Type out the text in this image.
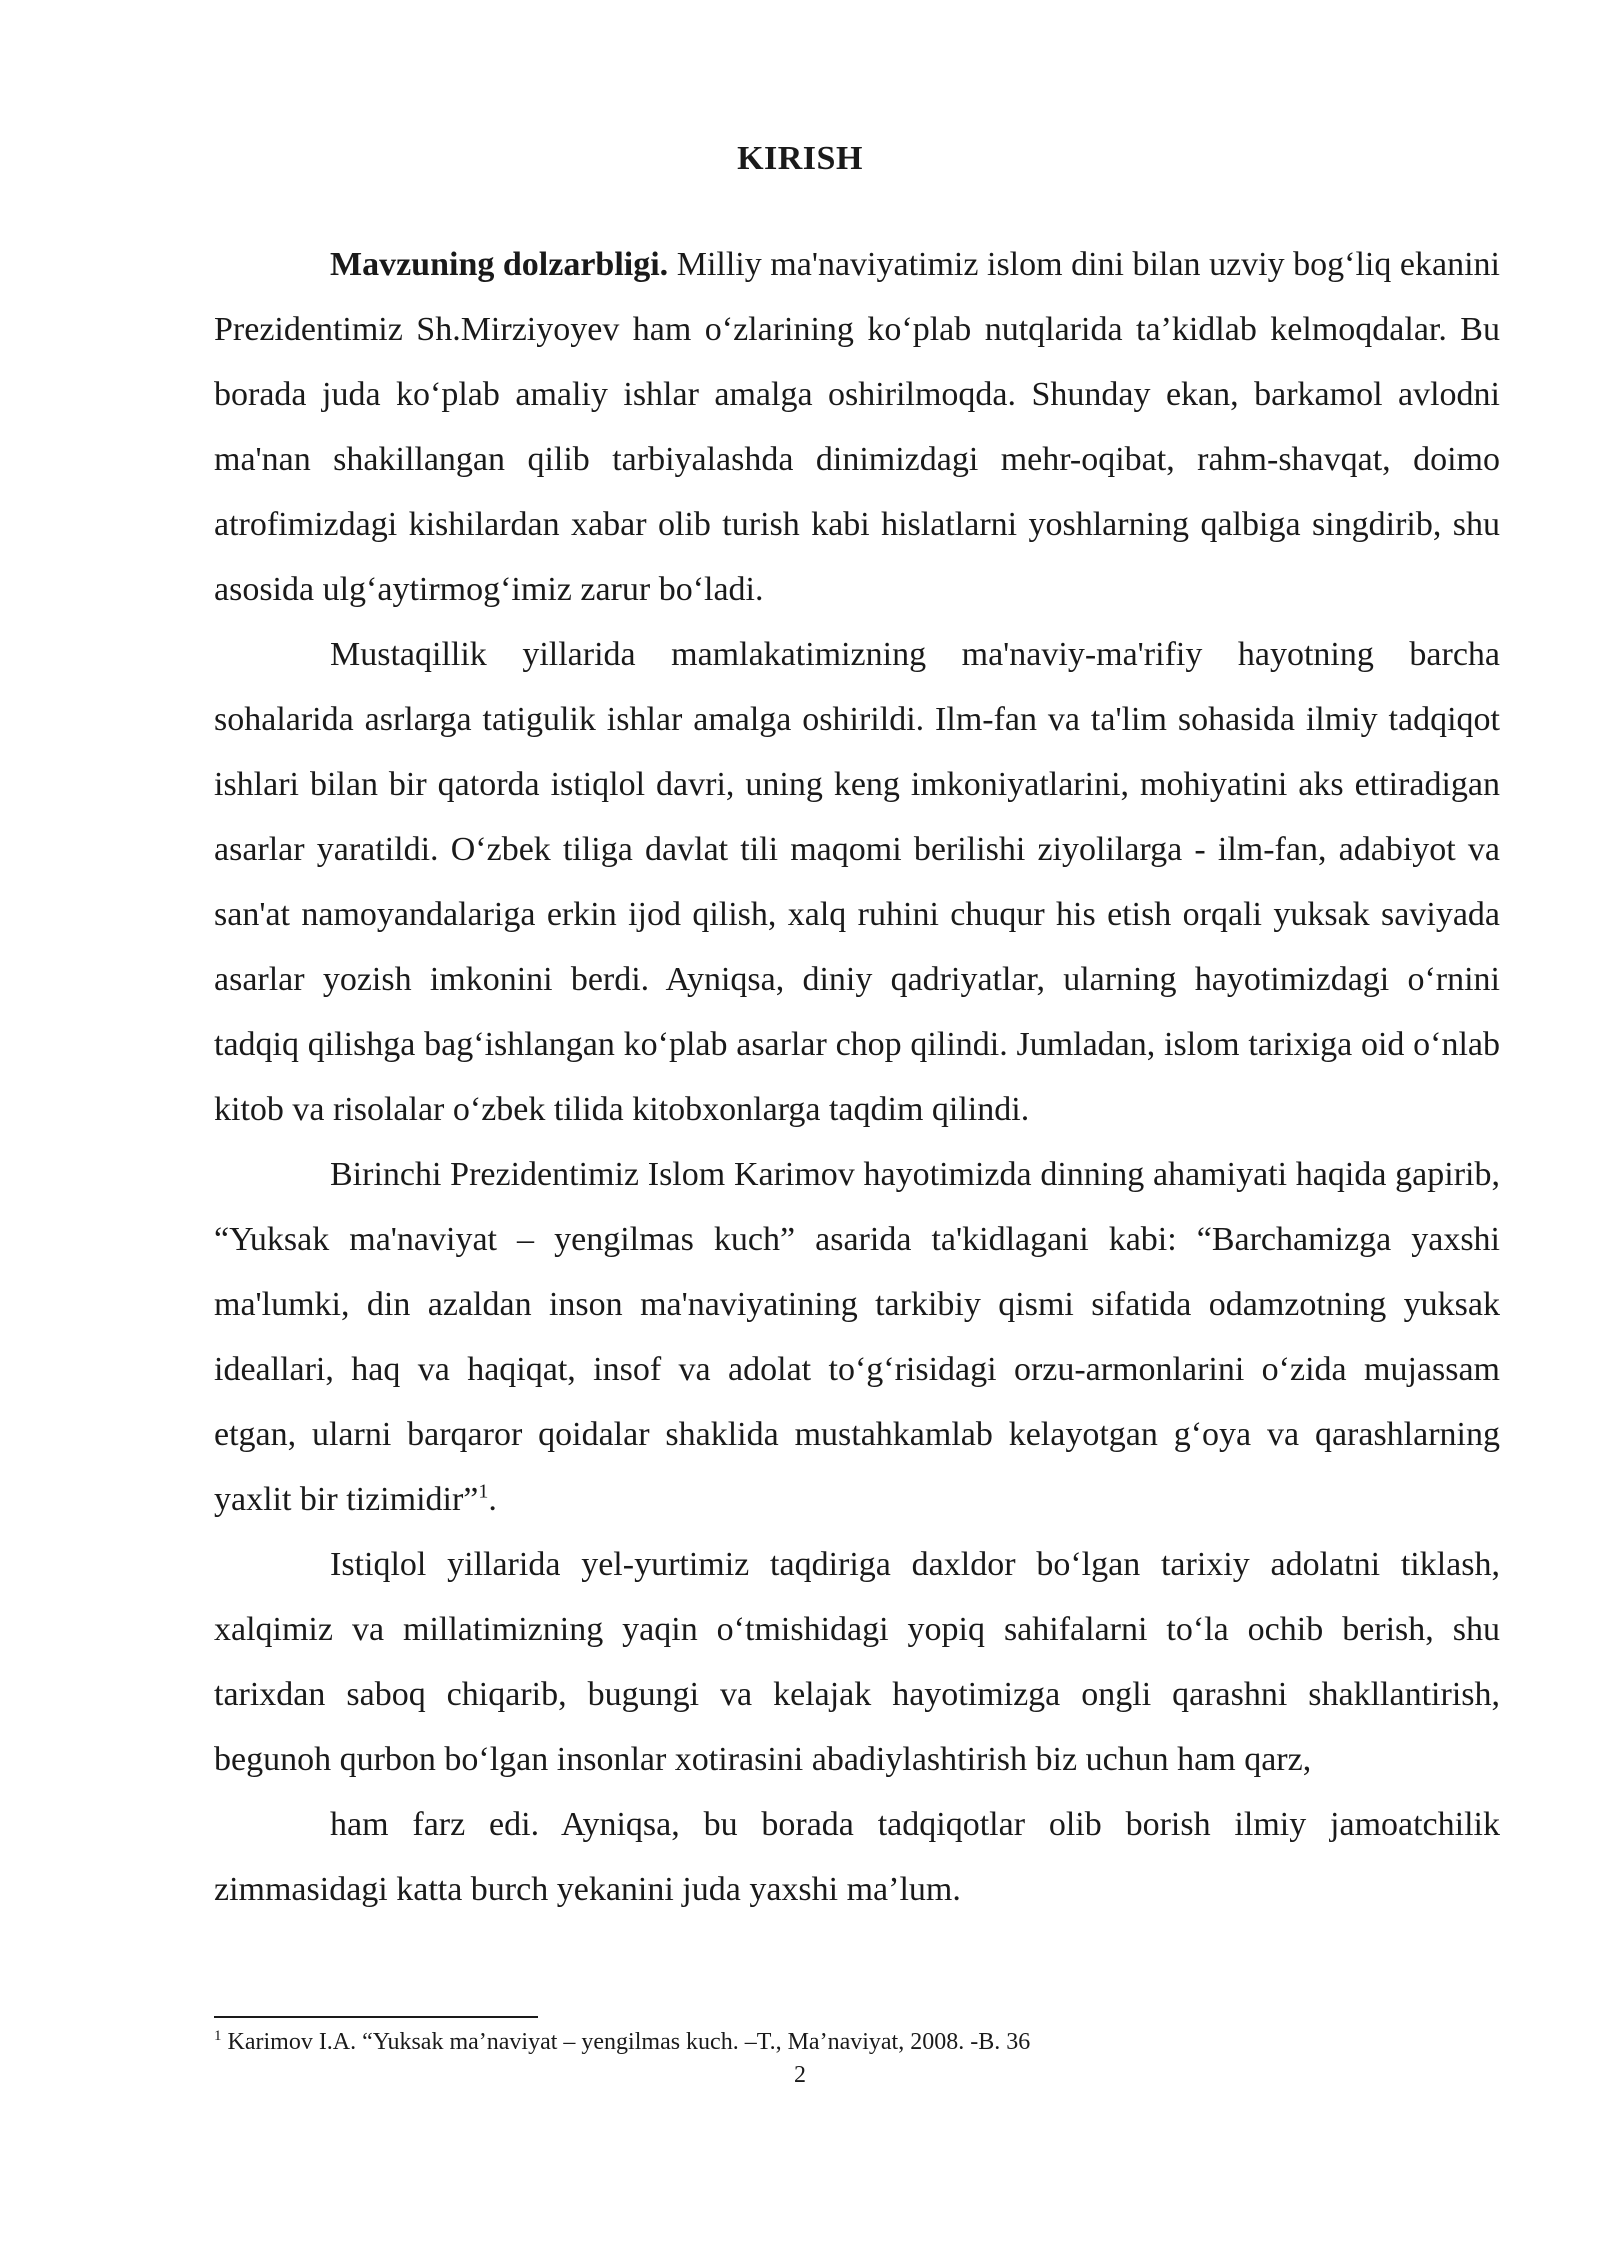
KIRISH

Mavzuning dolzarbligi. Milliy ma'naviyatimiz islom dini bilan uzviy bog‘liq ekanini Prezidentimiz Sh.Mirziyoyev ham o‘zlarining ko‘plab nutqlarida ta’kidlab kelmoqdalar. Bu borada juda ko‘plab amaliy ishlar amalga oshirilmoqda. Shunday ekan, barkamol avlodni ma'nan shakillangan qilib tarbiyalashda dinimizdagi mehr-oqibat, rahm-shavqat, doimo atrofimizdagi kishilardan xabar olib turish kabi hislatlarni yoshlarning qalbiga singdirib, shu asosida ulg‘aytirmog‘imiz zarur bo‘ladi.

Mustaqillik yillarida mamlakatimizning ma'naviy-ma'rifiy hayotning barcha sohalarida asrlarga tatigulik ishlar amalga oshirildi. Ilm-fan va ta'lim sohasida ilmiy tadqiqot ishlari bilan bir qatorda istiqlol davri, uning keng imkoniyatlarini, mohiyatini aks ettiradigan asarlar yaratildi. O‘zbek tiliga davlat tili maqomi berilishi ziyolilarga - ilm-fan, adabiyot va san'at namoyandalariga erkin ijod qilish, xalq ruhini chuqur his etish orqali yuksak saviyada asarlar yozish imkonini berdi. Ayniqsa, diniy qadriyatlar, ularning hayotimizdagi o‘rnini tadqiq qilishga bag‘ishlangan ko‘plab asarlar chop qilindi. Jumladan, islom tarixiga oid o‘nlab kitob va risolalar o‘zbek tilida kitobxonlarga taqdim qilindi.

Birinchi Prezidentimiz Islom Karimov hayotimizda dinning ahamiyati haqida gapirib, “Yuksak ma'naviyat – yengilmas kuch” asarida ta'kidlagani kabi: “Barchamizga yaxshi ma'lumki, din azaldan inson ma'naviyatining tarkibiy qismi sifatida odamzotning yuksak ideallari, haq va haqiqat, insof va adolat to‘g‘risidagi orzu-armonlarini o‘zida mujassam etgan, ularni barqaror qoidalar shaklida mustahkamlab kelayotgan g‘oya va qarashlarning yaxlit bir tizimidir”$^1$.

Istiqlol yillarida yel-yurtimiz taqdiriga daxldor bo‘lgan tarixiy adolatni tiklash, xalqimiz va millatimizning yaqin o‘tmishidagi yopiq sahifalarni to‘la ochib berish, shu tarixdan saboq chiqarib, bugungi va kelajak hayotimizga ongli qarashni shakllantirish, begunoh qurbon bo‘lgan insonlar xotirasini abadiylashtirish biz uchun ham qarz,

ham farz edi. Ayniqsa, bu borada tadqiqotlar olib borish ilmiy jamoatchilik zimmasidagi katta burch yekanini juda yaxshi ma’lum.

$^1$ Karimov I.A. “Yuksak ma’naviyat – yengilmas kuch. –T., Ma’naviyat, 2008. -B. 36
2
